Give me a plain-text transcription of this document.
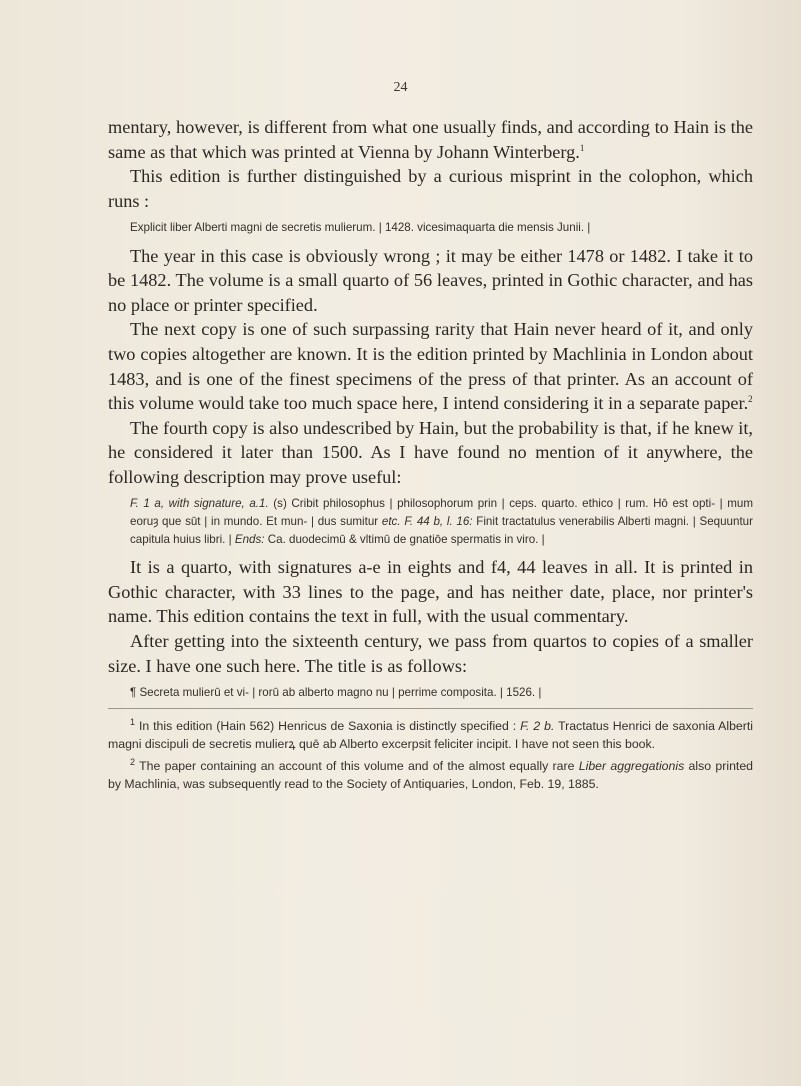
24

mentary, however, is different from what one usually finds, and according to Hain is the same as that which was printed at Vienna by Johann Winterberg.$^1$

This edition is further distinguished by a curious misprint in the colophon, which runs :

Explicit liber Alberti magni de secretis mulierum. | 1428. vicesimaquarta die mensis Junii. |

The year in this case is obviously wrong ; it may be either 1478 or 1482. I take it to be 1482. The volume is a small quarto of 56 leaves, printed in Gothic character, and has no place or printer specified.

The next copy is one of such surpassing rarity that Hain never heard of it, and only two copies altogether are known. It is the edition printed by Machlinia in London about 1483, and is one of the finest specimens of the press of that printer. As an account of this volume would take too much space here, I intend considering it in a separate paper.$^2$

The fourth copy is also undescribed by Hain, but the probability is that, if he knew it, he considered it later than 1500. As I have found no mention of it anywhere, the following description may prove useful:

F. 1 a, with signature, a.1. (s) Cribit philosophus | philosophorum prin | ceps. quarto. ethico | rum. Hō est opti- | mum eoruȝ que sūt | in mundo. Et mun- | dus sumitur etc. F. 44 b, l. 16: Finit tractatulus venerabilis Alberti magni. | Sequuntur capitula huius libri. | Ends: Ca. duodecimū & vltimū de gnatiōe spermatis in viro. |

It is a quarto, with signatures a-e in eights and f4, 44 leaves in all. It is printed in Gothic character, with 33 lines to the page, and has neither date, place, nor printer's name. This edition contains the text in full, with the usual commentary.

After getting into the sixteenth century, we pass from quartos to copies of a smaller size. I have one such here. The title is as follows:

¶ Secreta mulierū et vi- | rorū ab alberto magno nu | perrime composita. | 1526. |

$^1$ In this edition (Hain 562) Henricus de Saxonia is distinctly specified : F. 2 b. Tractatus Henrici de saxonia Alberti magni discipuli de secretis mulierꝝ quē ab Alberto excerpsit feliciter incipit. I have not seen this book.

$^2$ The paper containing an account of this volume and of the almost equally rare Liber aggregationis also printed by Machlinia, was subsequently read to the Society of Antiquaries, London, Feb. 19, 1885.
